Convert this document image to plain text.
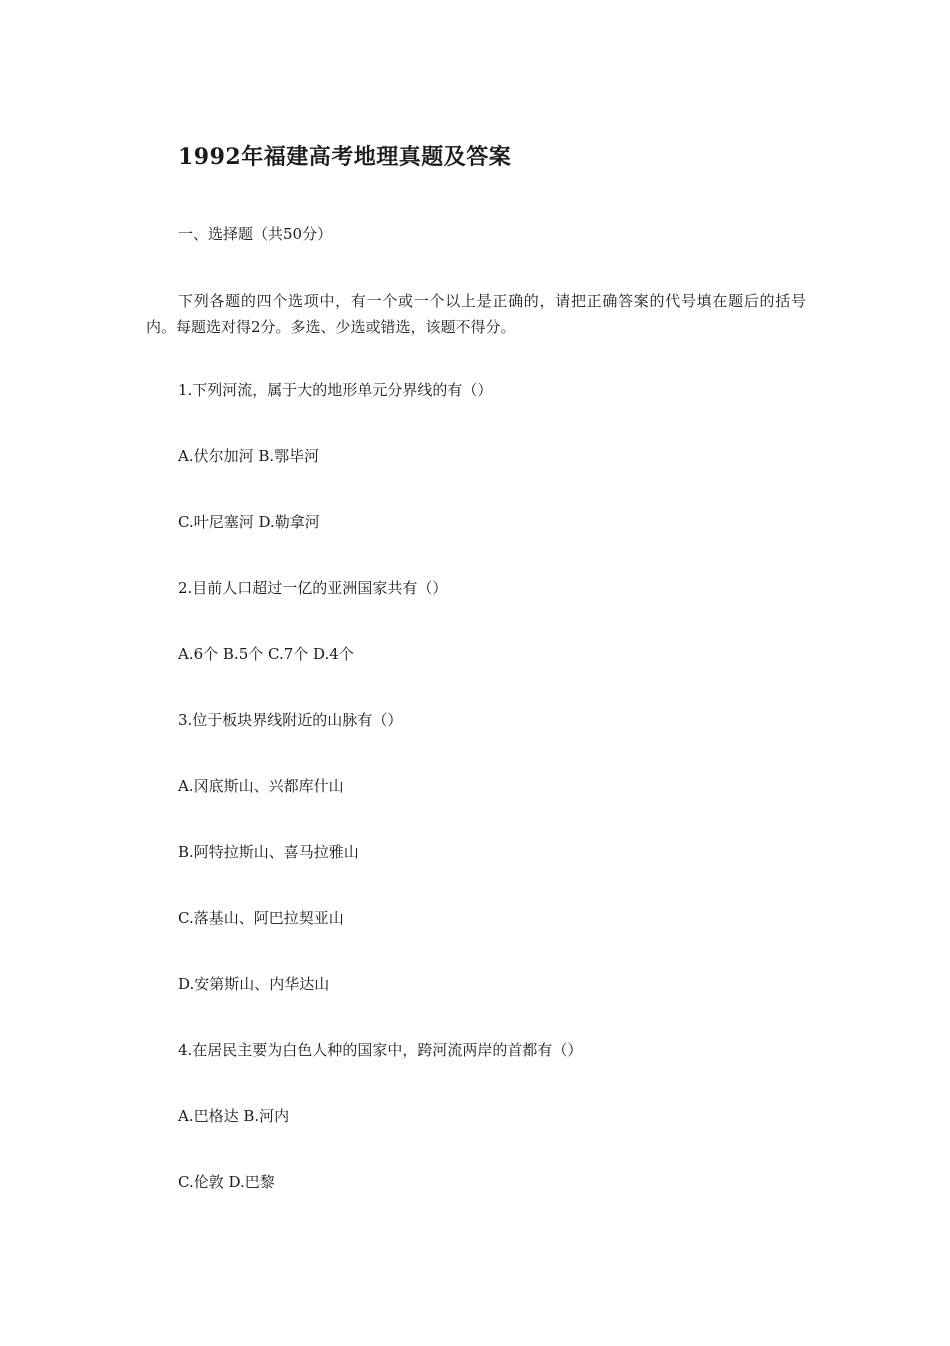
1992年福建高考地理真题及答案
一、选择题（共50分）
下列各题的四个选项中，有一个或一个以上是正确的，请把正确答案的代号填在题后的括号内。每题选对得2分。多选、少选或错选，该题不得分。
1.下列河流，属于大的地形单元分界线的有（）
A.伏尔加河 B.鄂毕河
C.叶尼塞河 D.勒拿河
2.目前人口超过一亿的亚洲国家共有（）
A.6个 B.5个 C.7个 D.4个
3.位于板块界线附近的山脉有（）
A.冈底斯山、兴都库什山
B.阿特拉斯山、喜马拉雅山
C.落基山、阿巴拉契亚山
D.安第斯山、内华达山
4.在居民主要为白色人种的国家中，跨河流两岸的首都有（）
A.巴格达 B.河内
C.伦敦 D.巴黎
